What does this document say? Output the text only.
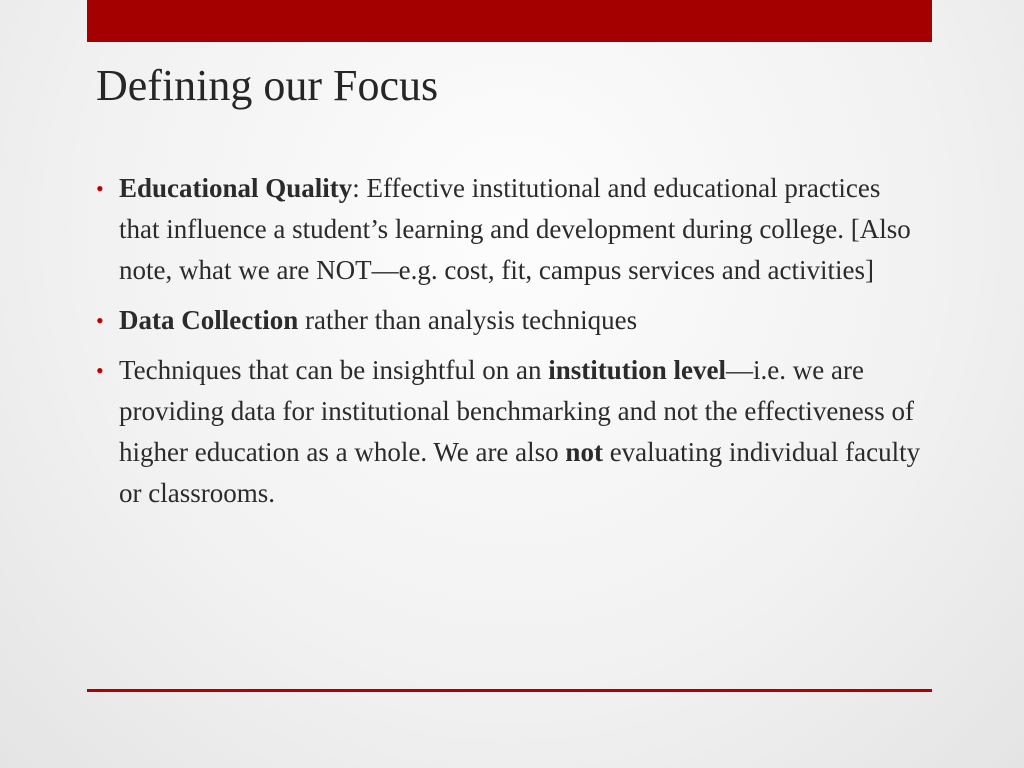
Defining our Focus
• Educational Quality: Effective institutional and educational practices that influence a student’s learning and development during college. [Also note, what we are NOT—e.g. cost, fit, campus services and activities]
• Data Collection rather than analysis techniques
• Techniques that can be insightful on an institution level—i.e. we are providing data for institutional benchmarking and not the effectiveness of higher education as a whole. We are also not evaluating individual faculty or classrooms.
